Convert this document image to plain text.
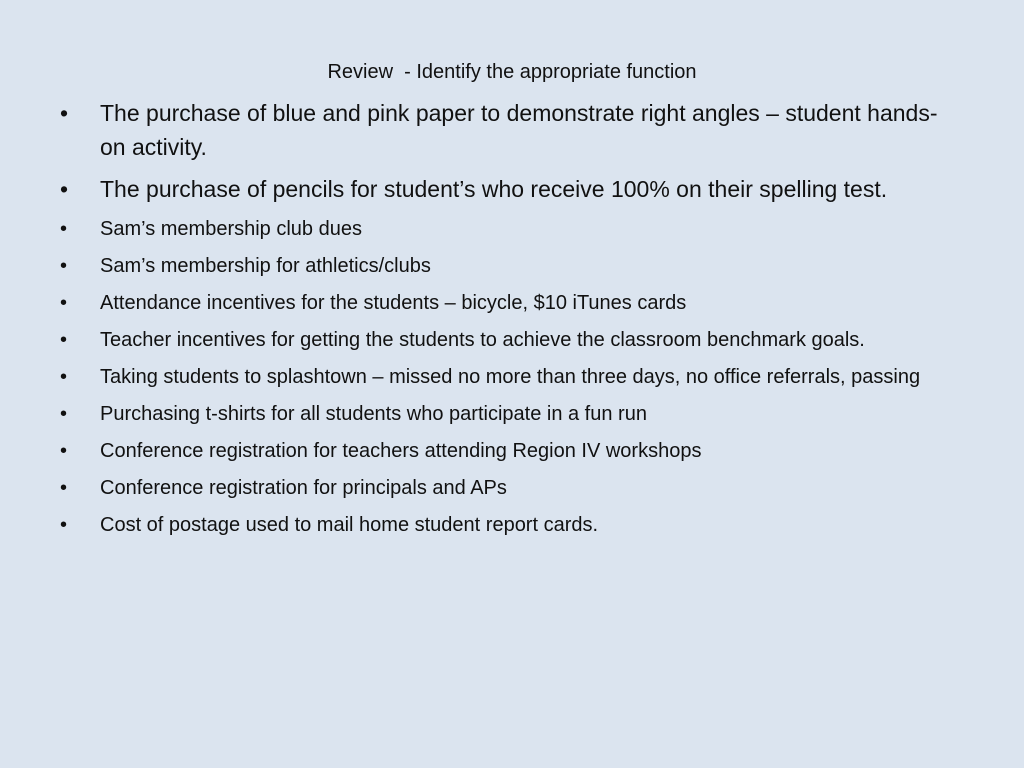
Review  - Identify the appropriate function
• The purchase of blue and pink paper to demonstrate right angles – student hands-on activity.
• The purchase of pencils for student’s who receive 100% on their spelling test.
• Sam’s membership club dues
• Sam’s membership for athletics/clubs
• Attendance incentives for the students – bicycle, $10 iTunes cards
• Teacher incentives for getting the students to achieve the classroom benchmark goals.
• Taking students to splashtown – missed no more than three days, no office referrals, passing
• Purchasing t-shirts for all students who participate in a fun run
• Conference registration for teachers attending Region IV workshops
• Conference registration for principals and APs
• Cost of postage used to mail home student report cards.
